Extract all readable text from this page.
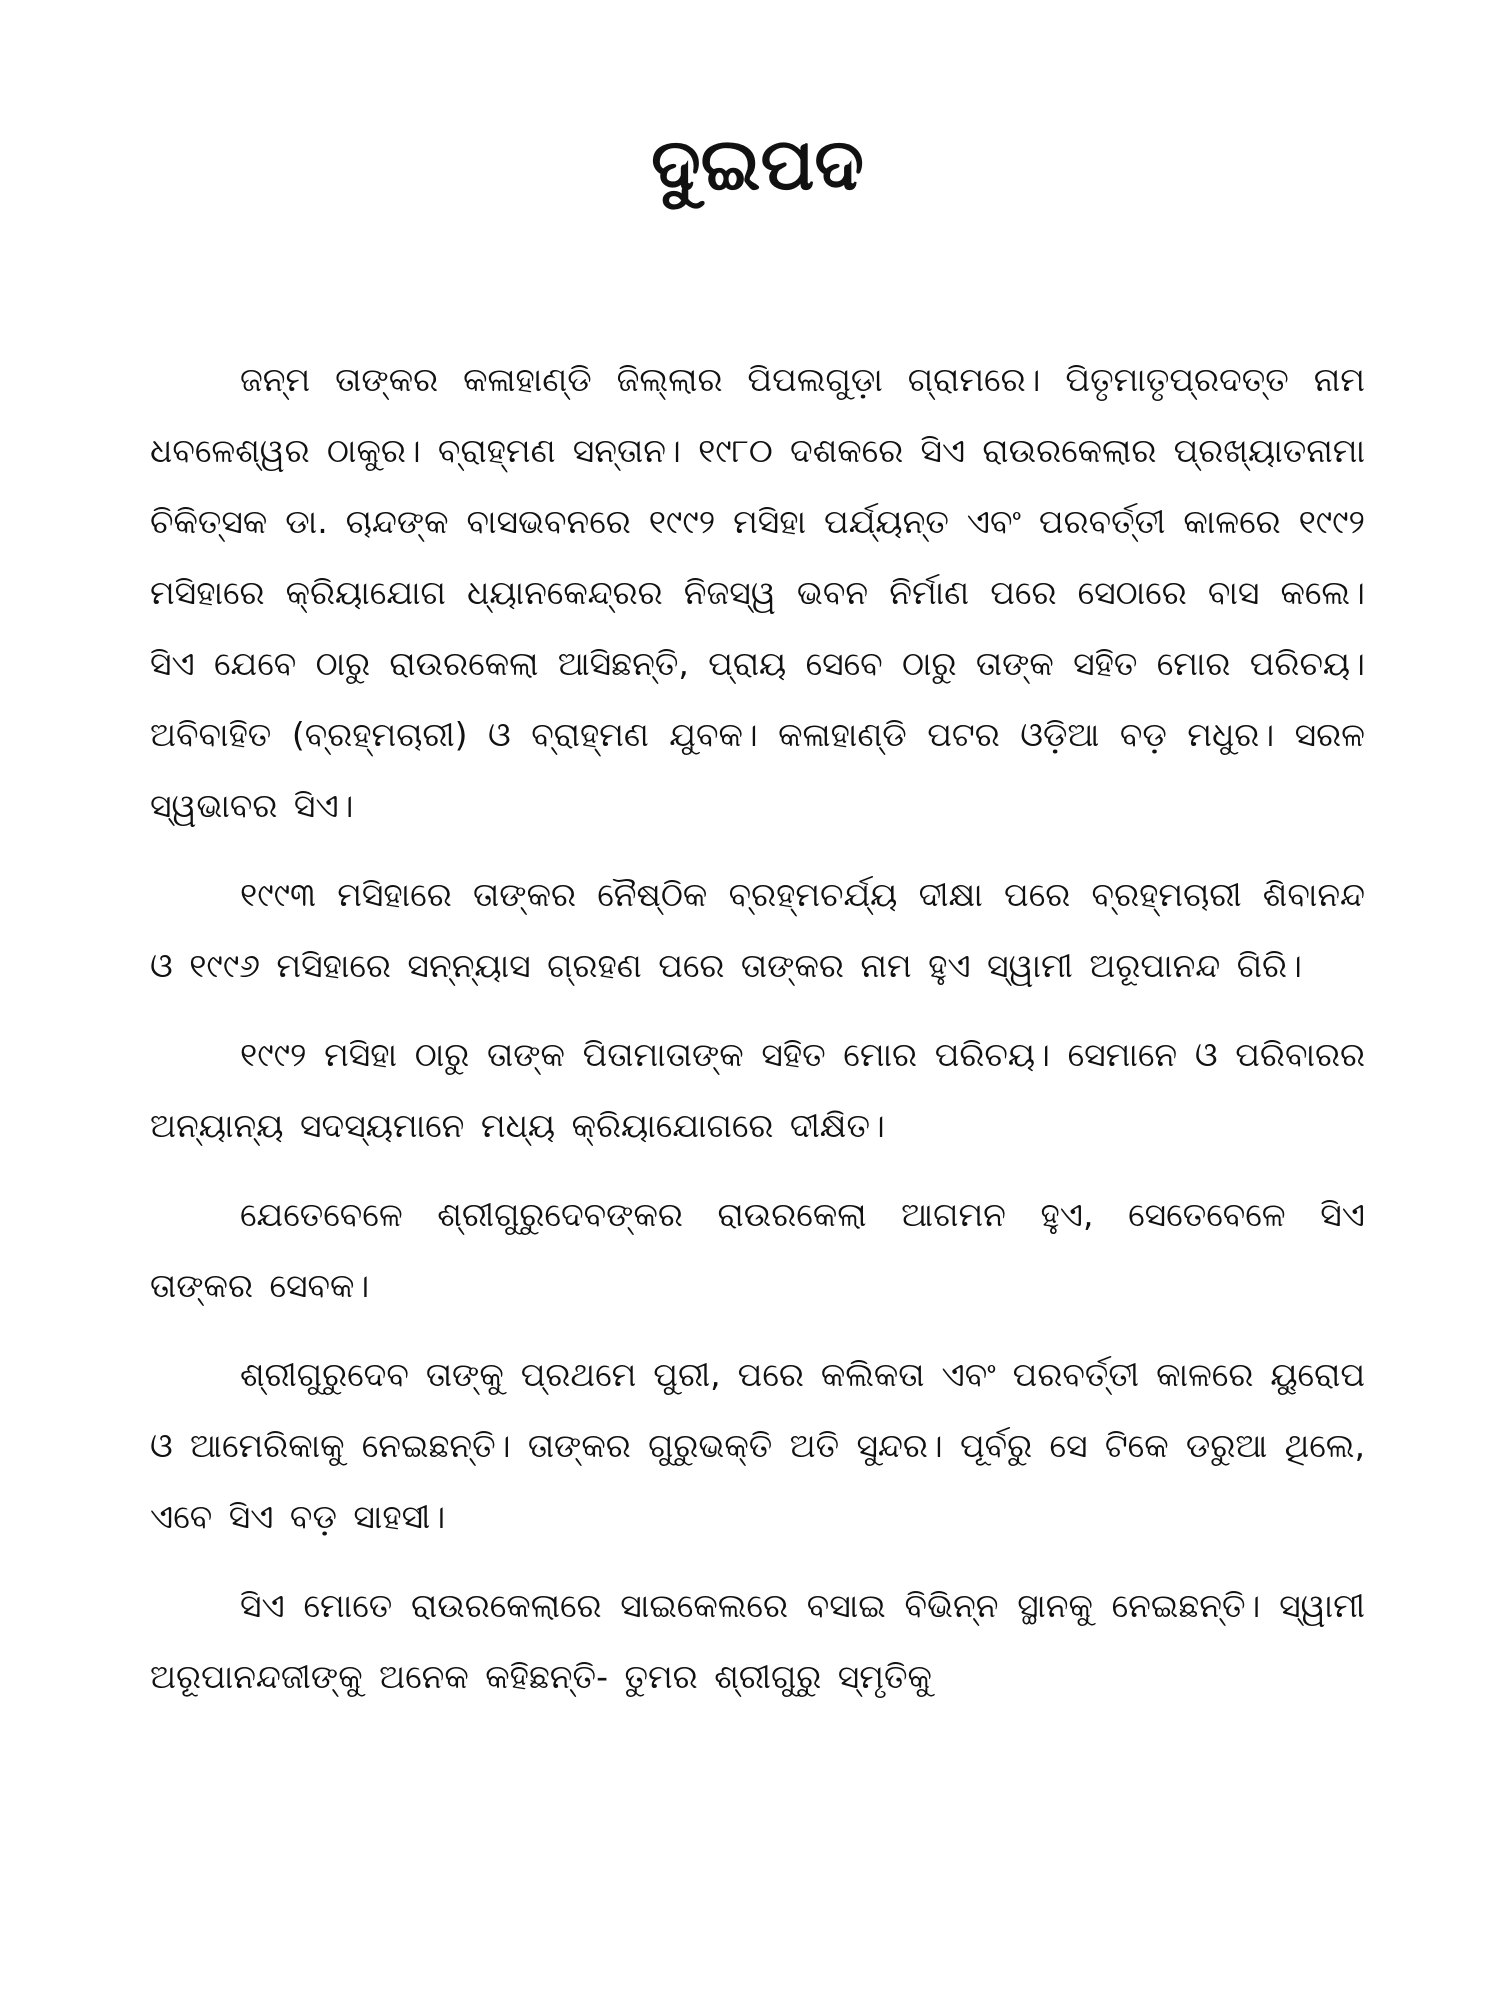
ଦୁଇପଦ

ଜନ୍ମ ତାଙ୍କର କଳାହାଣ୍ଡି ଜିଲ୍ଲାର ପିପଲଗୁଡ଼ା ଗ୍ରାମରେ। ପିତୃମାତୃପ୍ରଦତ୍ତ ନାମ ଧବଳେଶ୍ୱର ଠାକୁର। ବ୍ରାହ୍ମଣ ସନ୍ତାନ। ୧୯୮୦ ଦଶକରେ ସିଏ ରାଉରକେଲାର ପ୍ରଖ୍ୟାତନାମା ଚିକିତ୍ସକ ଡା. ଚାନ୍ଦଙ୍କ ବାସଭବନରେ ୧୯୯୨ ମସିହା ପର୍ଯ୍ୟନ୍ତ ଏବଂ ପରବର୍ତ୍ତୀ କାଳରେ ୧୯୯୨ ମସିହାରେ କ୍ରିୟାଯୋଗ ଧ୍ୟାନକେନ୍ଦ୍ରର ନିଜସ୍ୱ ଭବନ ନିର୍ମାଣ ପରେ ସେଠାରେ ବାସ କଲେ। ସିଏ ଯେବେ ଠାରୁ ରାଉରକେଲା ଆସିଛନ୍ତି, ପ୍ରାୟ ସେବେ ଠାରୁ ତାଙ୍କ ସହିତ ମୋର ପରିଚୟ। ଅବିବାହିତ (ବ୍ରହ୍ମଚାରୀ) ଓ ବ୍ରାହ୍ମଣ ଯୁବକ। କଳାହାଣ୍ଡି ପଟର ଓଡ଼ିଆ ବଡ଼ ମଧୁର। ସରଳ ସ୍ୱଭାବର ସିଏ।

୧୯୯୩ ମସିହାରେ ତାଙ୍କର ନୈଷ୍ଠିକ ବ୍ରହ୍ମଚର୍ଯ୍ୟ ଦୀକ୍ଷା ପରେ ବ୍ରହ୍ମଚାରୀ ଶିବାନନ୍ଦ ଓ ୧୯୯୬ ମସିହାରେ ସନ୍ନ୍ୟାସ ଗ୍ରହଣ ପରେ ତାଙ୍କର ନାମ ହୁଏ ସ୍ୱାମୀ ଅରୂପାନନ୍ଦ ଗିରି।

୧୯୯୨ ମସିହା ଠାରୁ ତାଙ୍କ ପିତାମାତାଙ୍କ ସହିତ ମୋର ପରିଚୟ। ସେମାନେ ଓ ପରିବାରର ଅନ୍ୟାନ୍ୟ ସଦସ୍ୟମାନେ ମଧ୍ୟ କ୍ରିୟାଯୋଗରେ ଦୀକ୍ଷିତ।

ଯେତେବେଳେ ଶ୍ରୀଗୁରୁଦେବଙ୍କର ରାଉରକେଲା ଆଗମନ ହୁଏ, ସେତେବେଳେ ସିଏ ତାଙ୍କର ସେବକ।

ଶ୍ରୀଗୁରୁଦେବ ତାଙ୍କୁ ପ୍ରଥମେ ପୁରୀ, ପରେ କଲିକତା ଏବଂ ପରବର୍ତ୍ତୀ କାଳରେ ୟୁରୋପ ଓ ଆମେରିକାକୁ ନେଇଛନ୍ତି। ତାଙ୍କର ଗୁରୁଭକ୍ତି ଅତି ସୁନ୍ଦର। ପୂର୍ବରୁ ସେ ଟିକେ ଡରୁଆ ଥିଲେ, ଏବେ ସିଏ ବଡ଼ ସାହସୀ।

ସିଏ ମୋତେ ରାଉରକେଲାରେ ସାଇକେଲରେ ବସାଇ ବିଭିନ୍ନ ସ୍ଥାନକୁ ନେଇଛନ୍ତି। ସ୍ୱାମୀ ଅରୂପାନନ୍ଦଜୀଙ୍କୁ ଅନେକ କହିଛନ୍ତି- ତୁମର ଶ୍ରୀଗୁରୁ ସ୍ମୃତିକୁ
